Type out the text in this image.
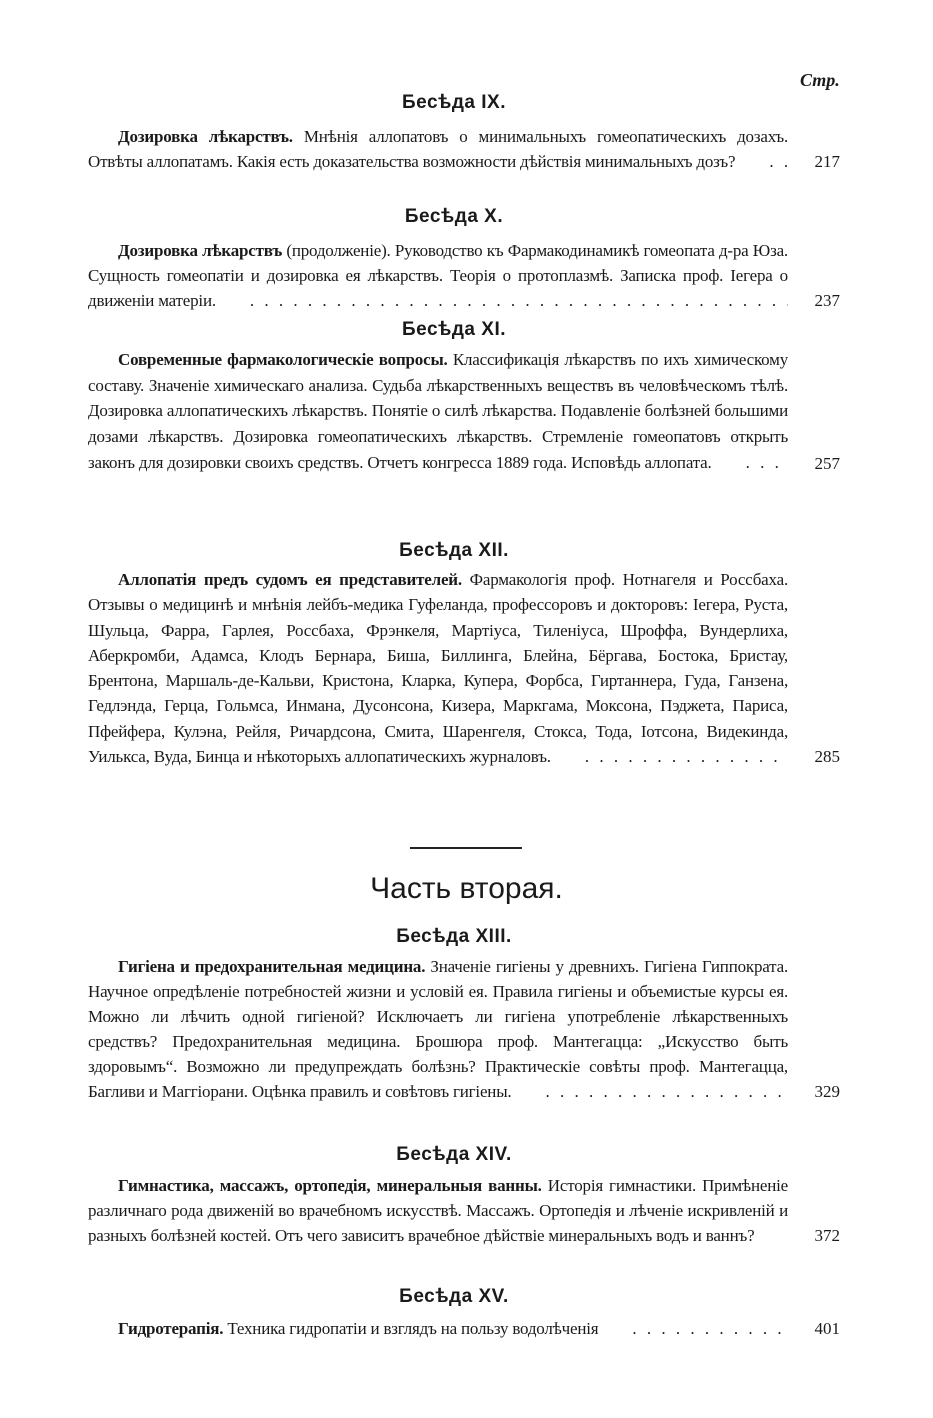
Стр.
Бесѣда IX.
Дозировка лѣкарствъ. Мнѣнія аллопатовъ о минимальныхъ гомеопатическихъ дозахъ. Отвѣты аллопатамъ. Какія есть доказательства возможности дѣйствія минимальныхъ дозъ? . . .	217
Бесѣда X.
Дозировка лѣкарствъ (продолженіе). Руководство къ Фармакодинамикѣ гомеопата д-ра Юза. Сущность гомеопатіи и дозировка ея лѣкарствъ. Теорія о протоплазмѣ. Записка проф. Іегера о движеніи матеріи. . . .	237
Бесѣда XI.
Современные фармакологическіе вопросы. Классификація лѣкарствъ по ихъ химическому составу. Значеніе химическаго анализа. Судьба лѣкарственныхъ веществъ въ человѣческомъ тѣлѣ. Дозировка аллопатическихъ лѣкарствъ. Понятіе о силѣ лѣкарства. Подавленіе болѣзней большими дозами лѣкарствъ. Дозировка гомеопатическихъ лѣкарствъ. Стремленіе гомеопатовъ открыть законъ для дозировки своихъ средствъ. Отчетъ конгресса 1889 года. Исповѣдь аллопата. . . .	257
Бесѣда XII.
Аллопатія предъ судомъ ея представителей. Фармакологія проф. Нотнагеля и Россбаха. Отзывы о медицинѣ и мнѣнія лейбъ-медика Гуфеланда, профессоровъ и докторовъ: Іегера, Руста, Шульца, Фарра, Гарлея, Россбаха, Фрэнкеля, Мартіуса, Тиленіуса, Шроффа, Вундерлиха, Аберкромби, Адамса, Клодъ Бернара, Биша, Биллинга, Блейна, Бёргава, Бостока, Бристау, Брентона, Маршаль-де-Кальви, Кристона, Кларка, Купера, Форбса, Гиртаннера, Гуда, Ганзена, Гедлэнда, Герца, Гольмса, Инмана, Дусонсона, Кизера, Маркгама, Моксона, Пэджета, Париса, Пфейфера, Кулэна, Рейля, Ричардсона, Смита, Шаренгеля, Стокса, Тода, Іотсона, Видекинда, Уилькса, Вуда, Бинца и нѣкоторыхъ аллопатическихъ журналовъ. . . .	285
Часть вторая.
Бесѣда XIII.
Гигіена и предохранительная медицина. Значеніе гигіены у древнихъ. Гигіена Гиппократа. Научное опредѣленіе потребностей жизни и условій ея. Правила гигіены и объемистые курсы ея. Можно ли лѣчить одной гигіеной? Исключаетъ ли гигіена употребленіе лѣкарственныхъ средствъ? Предохранительная медицина. Брошюра проф. Мантегацца: „Искусство быть здоровымъ“. Возможно ли предупреждать болѣзнь? Практическіе совѣты проф. Мантегацца, Багливи и Маггіорани. Оцѣнка правилъ и совѣтовъ гигіены. . . .	329
Бесѣда XIV.
Гимнастика, массажъ, ортопедія, минеральныя ванны. Исторія гимнастики. Примѣненіе различнаго рода движеній во врачебномъ искусствѣ. Массажъ. Ортопедія и лѣченіе искривленій и разныхъ болѣзней костей. Отъ чего зависитъ врачебное дѣйствіе минеральныхъ водъ и ваннъ? . . .	372
Бесѣда XV.
Гидротерапія. Техника гидропатіи и взглядъ на пользу водолѣченія . . .	401
